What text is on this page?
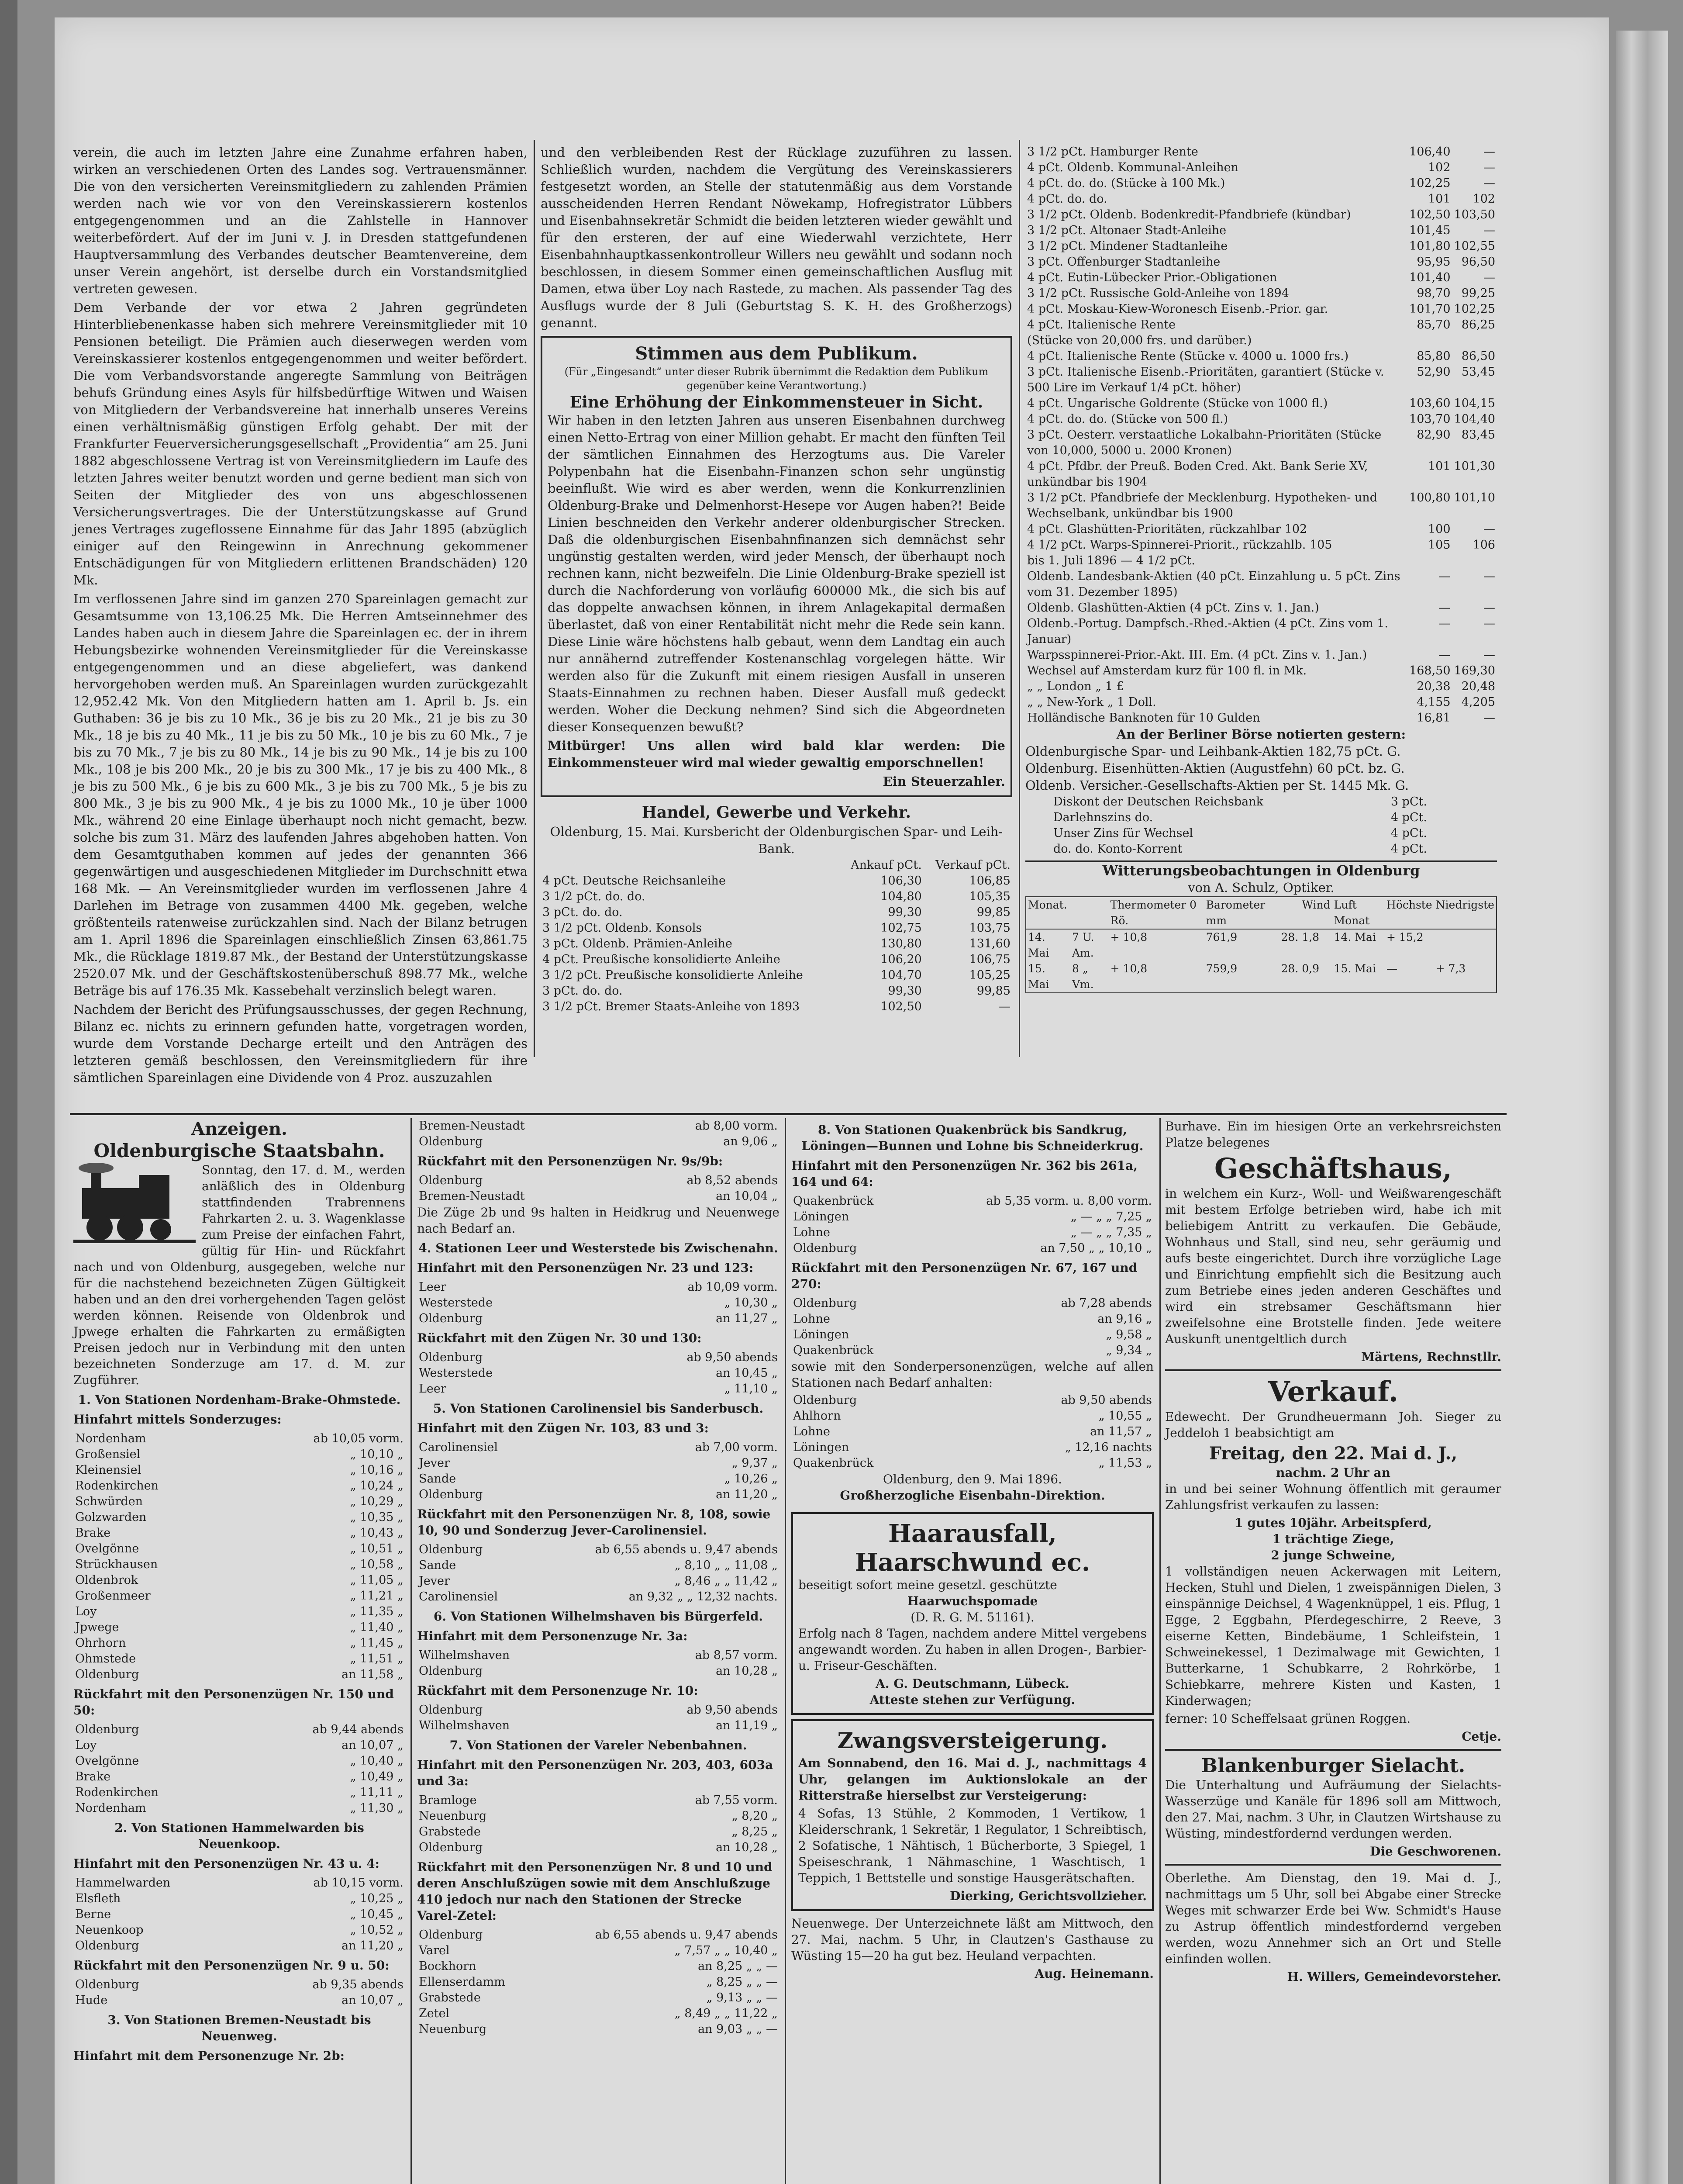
verein, die auch im letzten Jahre eine Zunahme erfahren haben, wirken an verschiedenen Orten des Landes sog. Vertrauensmänner. Die von den versicherten Vereinsmitgliedern zu zahlenden Prämien werden nach wie vor von den Vereinskassierern kostenlos entgegengenommen und an die Zahlstelle in Hannover weiterbefördert. Auf der im Juni v. J. in Dresden stattgefundenen Hauptversammlung des Verbandes deutscher Beamtenvereine, dem unser Verein angehört, ist derselbe durch ein Vorstandsmitglied vertreten gewesen.

Dem Verbande der vor etwa 2 Jahren gegründeten Hinterbliebenenkasse haben sich mehrere Vereinsmitglieder mit 10 Pensionen beteiligt. Die Prämien auch dieserwegen werden vom Vereinskassierer kostenlos entgegengenommen und weiter befördert. Die vom Verbandsvorstande angeregte Sammlung von Beiträgen behufs Gründung eines Asyls für hilfsbedürftige Witwen und Waisen von Mitgliedern der Verbandsvereine hat innerhalb unseres Vereins einen verhältnismäßig günstigen Erfolg gehabt. Der mit der Frankfurter Feuerversicherungsgesellschaft „Providentia“ am 25. Juni 1882 abgeschlossene Vertrag ist von Vereinsmitgliedern im Laufe des letzten Jahres weiter benutzt worden und gerne bedient man sich von Seiten der Mitglieder des von uns abgeschlossenen Versicherungsvertrages. Die der Unterstützungskasse auf Grund jenes Vertrages zugeflossene Einnahme für das Jahr 1895 (abzüglich einiger auf den Reingewinn in Anrechnung gekommener Entschädigungen für von Mitgliedern erlittenen Brandschäden) 120 Mk.

Im verflossenen Jahre sind im ganzen 270 Spareinlagen gemacht zur Gesamtsumme von 13,106.25 Mk. Die Herren Amtseinnehmer des Landes haben auch in diesem Jahre die Spareinlagen ec. der in ihrem Hebungsbezirke wohnenden Vereinsmitglieder für die Vereinskasse entgegengenommen und an diese abgeliefert, was dankend hervorgehoben werden muß. An Spareinlagen wurden zurückgezahlt 12,952.42 Mk. Von den Mitgliedern hatten am 1. April b. Js. ein Guthaben: 36 je bis zu 10 Mk., 36 je bis zu 20 Mk., 21 je bis zu 30 Mk., 18 je bis zu 40 Mk., 11 je bis zu 50 Mk., 10 je bis zu 60 Mk., 7 je bis zu 70 Mk., 7 je bis zu 80 Mk., 14 je bis zu 90 Mk., 14 je bis zu 100 Mk., 108 je bis 200 Mk., 20 je bis zu 300 Mk., 17 je bis zu 400 Mk., 8 je bis zu 500 Mk., 6 je bis zu 600 Mk., 3 je bis zu 700 Mk., 5 je bis zu 800 Mk., 3 je bis zu 900 Mk., 4 je bis zu 1000 Mk., 10 je über 1000 Mk., während 20 eine Einlage überhaupt noch nicht gemacht, bezw. solche bis zum 31. März des laufenden Jahres abgehoben hatten. Von dem Gesamtguthaben kommen auf jedes der genannten 366 gegenwärtigen und ausgeschiedenen Mitglieder im Durchschnitt etwa 168 Mk. — An Vereinsmitglieder wurden im verflossenen Jahre 4 Darlehen im Betrage von zusammen 4400 Mk. gegeben, welche größtenteils ratenweise zurückzahlen sind. Nach der Bilanz betrugen am 1. April 1896 die Spareinlagen einschließlich Zinsen 63,861.75 Mk., die Rücklage 1819.87 Mk., der Bestand der Unterstützungskasse 2520.07 Mk. und der Geschäftskostenüberschuß 898.77 Mk., welche Beträge bis auf 176.35 Mk. Kassebehalt verzinslich belegt waren.

Nachdem der Bericht des Prüfungsausschusses, der gegen Rechnung, Bilanz ec. nichts zu erinnern gefunden hatte, vorgetragen worden, wurde dem Vorstande Decharge erteilt und den Anträgen des letzteren gemäß beschlossen, den Vereinsmitgliedern für ihre sämtlichen Spareinlagen eine Dividende von 4 Proz. auszuzahlen

und den verbleibenden Rest der Rücklage zuzuführen zu lassen. Schließlich wurden, nachdem die Vergütung des Vereinskassierers festgesetzt worden, an Stelle der statutenmäßig aus dem Vorstande ausscheidenden Herren Rendant Nöwekamp, Hofregistrator Lübbers und Eisenbahnsekretär Schmidt die beiden letzteren wieder gewählt und für den ersteren, der auf eine Wiederwahl verzichtete, Herr Eisenbahnhauptkassenkontrolleur Willers neu gewählt und sodann noch beschlossen, in diesem Sommer einen gemeinschaftlichen Ausflug mit Damen, etwa über Loy nach Rastede, zu machen. Als passender Tag des Ausflugs wurde der 8 Juli (Geburtstag S. K. H. des Großherzogs) genannt.

Stimmen aus dem Publikum.
(Für „Eingesandt“ unter dieser Rubrik übernimmt die Redaktion dem Publikum gegenüber keine Verantwortung.)
Eine Erhöhung der Einkommensteuer in Sicht.

Wir haben in den letzten Jahren aus unseren Eisenbahnen durchweg einen Netto-Ertrag von einer Million gehabt. Er macht den fünften Teil der sämtlichen Einnahmen des Herzogtums aus. Die Vareler Polypenbahn hat die Eisenbahn-Finanzen schon sehr ungünstig beeinflußt. Wie wird es aber werden, wenn die Konkurrenzlinien Oldenburg-Brake und Delmenhorst-Hesepe vor Augen haben?! Beide Linien beschneiden den Verkehr anderer oldenburgischer Strecken. Daß die oldenburgischen Eisenbahnfinanzen sich demnächst sehr ungünstig gestalten werden, wird jeder Mensch, der überhaupt noch rechnen kann, nicht bezweifeln. Die Linie Oldenburg-Brake speziell ist durch die Nachforderung von vorläufig 600000 Mk., die sich bis auf das doppelte anwachsen können, in ihrem Anlagekapital dermaßen überlastet, daß von einer Rentabilität nicht mehr die Rede sein kann. Diese Linie wäre höchstens halb gebaut, wenn dem Landtag ein auch nur annähernd zutreffender Kostenanschlag vorgelegen hätte. Wir werden also für die Zukunft mit einem riesigen Ausfall in unseren Staats-Einnahmen zu rechnen haben. Dieser Ausfall muß gedeckt werden. Woher die Deckung nehmen? Sind sich die Abgeordneten dieser Konsequenzen bewußt?

Mitbürger! Uns allen wird bald klar werden: Die Einkommensteuer wird mal wieder gewaltig emporschnellen!

Ein Steuerzahler.
Handel, Gewerbe und Verkehr.
Oldenburg, 15. Mai. Kursbericht der Oldenburgischen Spar- und Leih-Bank.
	Ankauf pCt.	Verkauf pCt.
4 pCt. Deutsche Reichsanleihe	106,30	106,85
3 1/2 pCt. do. do.	104,80	105,35
3 pCt. do. do.	99,30	99,85
3 1/2 pCt. Oldenb. Konsols	102,75	103,75
3 pCt. Oldenb. Prämien-Anleihe	130,80	131,60
4 pCt. Preußische konsolidierte Anleihe	106,20	106,75
3 1/2 pCt. Preußische konsolidierte Anleihe	104,70	105,25
3 pCt. do. do.	99,30	99,85
3 1/2 pCt. Bremer Staats-Anleihe von 1893	102,50	—
3 1/2 pCt. Hamburger Rente	106,40	—
4 pCt. Oldenb. Kommunal-Anleihen	102	—
4 pCt. do. do. (Stücke à 100 Mk.)	102,25	—
4 pCt. do. do.	101	102
3 1/2 pCt. Oldenb. Bodenkredit-Pfandbriefe (kündbar)	102,50	103,50
3 1/2 pCt. Altonaer Stadt-Anleihe	101,45	—
3 1/2 pCt. Mindener Stadtanleihe	101,80	102,55
3 pCt. Offenburger Stadtanleihe	95,95	96,50
4 pCt. Eutin-Lübecker Prior.-Obligationen	101,40	—
3 1/2 pCt. Russische Gold-Anleihe von 1894	98,70	99,25
4 pCt. Moskau-Kiew-Woronesch Eisenb.-Prior. gar.	101,70	102,25
4 pCt. Italienische Rente	85,70	86,25
(Stücke von 20,000 frs. und darüber.)		
4 pCt. Italienische Rente (Stücke v. 4000 u. 1000 frs.)	85,80	86,50
3 pCt. Italienische Eisenb.-Prioritäten, garantiert (Stücke v. 500 Lire im Verkauf 1/4 pCt. höher)	52,90	53,45
4 pCt. Ungarische Goldrente (Stücke von 1000 fl.)	103,60	104,15
4 pCt. do. do. (Stücke von 500 fl.)	103,70	104,40
3 pCt. Oesterr. verstaatliche Lokalbahn-Prioritäten (Stücke von 10,000, 5000 u. 2000 Kronen)	82,90	83,45
4 pCt. Pfdbr. der Preuß. Boden Cred. Akt. Bank Serie XV, unkündbar bis 1904	101	101,30
3 1/2 pCt. Pfandbriefe der Mecklenburg. Hypotheken- und Wechselbank, unkündbar bis 1900	100,80	101,10
4 pCt. Glashütten-Prioritäten, rückzahlbar 102	100	—
4 1/2 pCt. Warps-Spinnerei-Priorit., rückzahlb. 105	105	106
bis 1. Juli 1896 — 4 1/2 pCt.		
Oldenb. Landesbank-Aktien (40 pCt. Einzahlung u. 5 pCt. Zins vom 31. Dezember 1895)	—	—
Oldenb. Glashütten-Aktien (4 pCt. Zins v. 1. Jan.)	—	—
Oldenb.-Portug. Dampfsch.-Rhed.-Aktien (4 pCt. Zins vom 1. Januar)	—	—
Warpsspinnerei-Prior.-Akt. III. Em. (4 pCt. Zins v. 1. Jan.)	—	—
Wechsel auf Amsterdam kurz für 100 fl. in Mk.	168,50	169,30
„ „ London „ 1 £	20,38	20,48
„ „ New-York „ 1 Doll.	4,155	4,205
Holländische Banknoten für 10 Gulden	16,81	—
An der Berliner Börse notierten gestern:
Oldenburgische Spar- und Leihbank-Aktien 182,75 pCt. G.
Oldenburg. Eisenhütten-Aktien (Augustfehn) 60 pCt. bz. G.
Oldenb. Versicher.-Gesellschafts-Aktien per St. 1445 Mk. G.
Diskont der Deutschen Reichsbank	3 pCt.
Darlehnszins do.	4 pCt.
Unser Zins für Wechsel	4 pCt.
do. do. Konto-Korrent	4 pCt.
Witterungsbeobachtungen in Oldenburg
von A. Schulz, Optiker.
Monat.		Thermometer 0 Rö.	Barometer mm		Wind	Luft Monat	Höchste	Niedrigste
14. Mai	7 U. Am.	+ 10,8	761,9	28.	1,8	14. Mai	+ 15,2	
15. Mai	8 „ Vm.	+ 10,8	759,9	28.	0,9	15. Mai	—	+ 7,3
Anzeigen.
Oldenburgische Staatsbahn.

Sonntag, den 17. d. M., werden anläßlich des in Oldenburg stattfindenden Trabrennens Fahrkarten 2. u. 3. Wagenklasse zum Preise der einfachen Fahrt, gültig für Hin- und Rückfahrt nach und von Oldenburg, ausgegeben, welche nur für die nachstehend bezeichneten Zügen Gültigkeit haben und an den drei vorhergehenden Tagen gelöst werden können. Reisende von Oldenbrok und Jpwege erhalten die Fahrkarten zu ermäßigten Preisen jedoch nur in Verbindung mit den unten bezeichneten Sonderzuge am 17. d. M. zur Zugführer.

1. Von Stationen Nordenham-Brake-Ohmstede.
Hinfahrt mittels Sonderzuges:
Nordenham	ab 10,05 vorm.
Großensiel	„ 10,10 „
Kleinensiel	„ 10,16 „
Rodenkirchen	„ 10,24 „
Schwürden	„ 10,29 „
Golzwarden	„ 10,35 „
Brake	„ 10,43 „
Ovelgönne	„ 10,51 „
Strückhausen	„ 10,58 „
Oldenbrok	„ 11,05 „
Großenmeer	„ 11,21 „
Loy	„ 11,35 „
Jpwege	„ 11,40 „
Ohrhorn	„ 11,45 „
Ohmstede	„ 11,51 „
Oldenburg	an 11,58 „
Rückfahrt mit den Personenzügen Nr. 150 und 50:
Oldenburg	ab 9,44 abends
Loy	an 10,07 „
Ovelgönne	„ 10,40 „
Brake	„ 10,49 „
Rodenkirchen	„ 11,11 „
Nordenham	„ 11,30 „
2. Von Stationen Hammelwarden bis Neuenkoop.
Hinfahrt mit den Personenzügen Nr. 43 u. 4:
Hammelwarden	ab 10,15 vorm.
Elsfleth	„ 10,25 „
Berne	„ 10,45 „
Neuenkoop	„ 10,52 „
Oldenburg	an 11,20 „
Rückfahrt mit den Personenzügen Nr. 9 u. 50:
Oldenburg	ab 9,35 abends
Hude	an 10,07 „
3. Von Stationen Bremen-Neustadt bis Neuenweg.
Hinfahrt mit dem Personenzuge Nr. 2b:
Bremen-Neustadt	ab 8,00 vorm.
Oldenburg	an 9,06 „
Rückfahrt mit den Personenzügen Nr. 9s/9b:
Oldenburg	ab 8,52 abends
Bremen-Neustadt	an 10,04 „

Die Züge 2b und 9s halten in Heidkrug und Neuenwege nach Bedarf an.

4. Stationen Leer und Westerstede bis Zwischenahn.
Hinfahrt mit den Personenzügen Nr. 23 und 123:
Leer	ab 10,09 vorm.
Westerstede	„ 10,30 „
Oldenburg	an 11,27 „
Rückfahrt mit den Zügen Nr. 30 und 130:
Oldenburg	ab 9,50 abends
Westerstede	an 10,45 „
Leer	„ 11,10 „
5. Von Stationen Carolinensiel bis Sanderbusch.
Hinfahrt mit den Zügen Nr. 103, 83 und 3:
Carolinensiel	ab 7,00 vorm.
Jever	„ 9,37 „
Sande	„ 10,26 „
Oldenburg	an 11,20 „
Rückfahrt mit den Personenzügen Nr. 8, 108, sowie 10, 90 und Sonderzug Jever-Carolinensiel.
Oldenburg	ab 6,55 abends u. 9,47 abends
Sande	„ 8,10 „ „ 11,08 „
Jever	„ 8,46 „ „ 11,42 „
Carolinensiel	an 9,32 „ „ 12,32 nachts.
6. Von Stationen Wilhelmshaven bis Bürgerfeld.
Hinfahrt mit dem Personenzuge Nr. 3a:
Wilhelmshaven	ab 8,57 vorm.
Oldenburg	an 10,28 „
Rückfahrt mit dem Personenzuge Nr. 10:
Oldenburg	ab 9,50 abends
Wilhelmshaven	an 11,19 „
7. Von Stationen der Vareler Nebenbahnen.
Hinfahrt mit den Personenzügen Nr. 203, 403, 603a und 3a:
Bramloge	ab 7,55 vorm.
Neuenburg	„ 8,20 „
Grabstede	„ 8,25 „
Oldenburg	an 10,28 „
Rückfahrt mit den Personenzügen Nr. 8 und 10 und deren Anschlußzügen sowie mit dem Anschlußzuge 410 jedoch nur nach den Stationen der Strecke Varel-Zetel:
Oldenburg	ab 6,55 abends u. 9,47 abends
Varel	„ 7,57 „ „ 10,40 „
Bockhorn	an 8,25 „ „ —
Ellenserdamm	„ 8,25 „ „ —
Grabstede	„ 9,13 „ „ —
Zetel	„ 8,49 „ „ 11,22 „
Neuenburg	an 9,03 „ „ —
8. Von Stationen Quakenbrück bis Sandkrug, Löningen—Bunnen und Lohne bis Schneiderkrug.
Hinfahrt mit den Personenzügen Nr. 362 bis 261a, 164 und 64:
Quakenbrück	ab 5,35 vorm. u. 8,00 vorm.
Löningen	„ — „ „ 7,25 „
Lohne	„ — „ „ 7,35 „
Oldenburg	an 7,50 „ „ 10,10 „
Rückfahrt mit den Personenzügen Nr. 67, 167 und 270:
Oldenburg	ab 7,28 abends
Lohne	an 9,16 „
Löningen	„ 9,58 „
Quakenbrück	„ 9,34 „

sowie mit den Sonderpersonenzügen, welche auf allen Stationen nach Bedarf anhalten:

Oldenburg	ab 9,50 abends
Ahlhorn	„ 10,55 „
Lohne	an 11,57 „
Löningen	„ 12,16 nachts
Quakenbrück	„ 11,53 „
Oldenburg, den 9. Mai 1896.
Großherzogliche Eisenbahn-Direktion.
Haarausfall,
Haarschwund ec.
beseitigt sofort meine gesetzl. geschützte
Haarwuchspomade
(D. R. G. M. 51161).

Erfolg nach 8 Tagen, nachdem andere Mittel vergebens angewandt worden. Zu haben in allen Drogen-, Barbier- u. Friseur-Geschäften.

A. G. Deutschmann, Lübeck.
Atteste stehen zur Verfügung.
Zwangsversteigerung.

Am Sonnabend, den 16. Mai d. J., nachmittags 4 Uhr, gelangen im Auktionslokale an der Ritterstraße hierselbst zur Versteigerung:

4 Sofas, 13 Stühle, 2 Kommoden, 1 Vertikow, 1 Kleiderschrank, 1 Sekretär, 1 Regulator, 1 Schreibtisch, 2 Sofatische, 1 Nähtisch, 1 Bücherborte, 3 Spiegel, 1 Speiseschrank, 1 Nähmaschine, 1 Waschtisch, 1 Teppich, 1 Bettstelle und sonstige Hausgerätschaften.

Dierking, Gerichtsvollzieher.

Neuenwege. Der Unterzeichnete läßt am Mittwoch, den 27. Mai, nachm. 5 Uhr, in Clautzen's Gasthause zu Wüsting 15—20 ha gut bez. Heuland verpachten.

Aug. Heinemann.

Burhave. Ein im hiesigen Orte an verkehrsreichsten Platze belegenes

Geschäftshaus,

in welchem ein Kurz-, Woll- und Weißwarengeschäft mit bestem Erfolge betrieben wird, habe ich mit beliebigem Antritt zu verkaufen. Die Gebäude, Wohnhaus und Stall, sind neu, sehr geräumig und aufs beste eingerichtet. Durch ihre vorzügliche Lage und Einrichtung empfiehlt sich die Besitzung auch zum Betriebe eines jeden anderen Geschäftes und wird ein strebsamer Geschäftsmann hier zweifelsohne eine Brotstelle finden. Jede weitere Auskunft unentgeltlich durch

Märtens, Rechnstllr.
Verkauf.

Edewecht. Der Grundheuermann Joh. Sieger zu Jeddeloh 1 beabsichtigt am

Freitag, den 22. Mai d. J.,
nachm. 2 Uhr an

in und bei seiner Wohnung öffentlich mit geraumer Zahlungsfrist verkaufen zu lassen:

1 gutes 10jähr. Arbeitspferd,
1 trächtige Ziege,
2 junge Schweine,

1 vollständigen neuen Ackerwagen mit Leitern, Hecken, Stuhl und Dielen, 1 zweispännigen Dielen, 3 einspännige Deichsel, 4 Wagenknüppel, 1 eis. Pflug, 1 Egge, 2 Eggbahn, Pferdegeschirre, 2 Reeve, 3 eiserne Ketten, Bindebäume, 1 Schleifstein, 1 Schweinekessel, 1 Dezimalwage mit Gewichten, 1 Butterkarne, 1 Schubkarre, 2 Rohrkörbe, 1 Schiebkarre, mehrere Kisten und Kasten, 1 Kinderwagen;

ferner: 10 Scheffelsaat grünen Roggen.

Cetje.
Blankenburger Sielacht.

Die Unterhaltung und Aufräumung der Sielachts-Wasserzüge und Kanäle für 1896 soll am Mittwoch, den 27. Mai, nachm. 3 Uhr, in Clautzen Wirtshause zu Wüsting, mindestfordernd verdungen werden.

Die Geschworenen.

Oberlethe. Am Dienstag, den 19. Mai d. J., nachmittags um 5 Uhr, soll bei Abgabe einer Strecke Weges mit schwarzer Erde bei Ww. Schmidt's Hause zu Astrup öffentlich mindestfordernd vergeben werden, wozu Annehmer sich an Ort und Stelle einfinden wollen.

H. Willers, Gemeindevorsteher.
